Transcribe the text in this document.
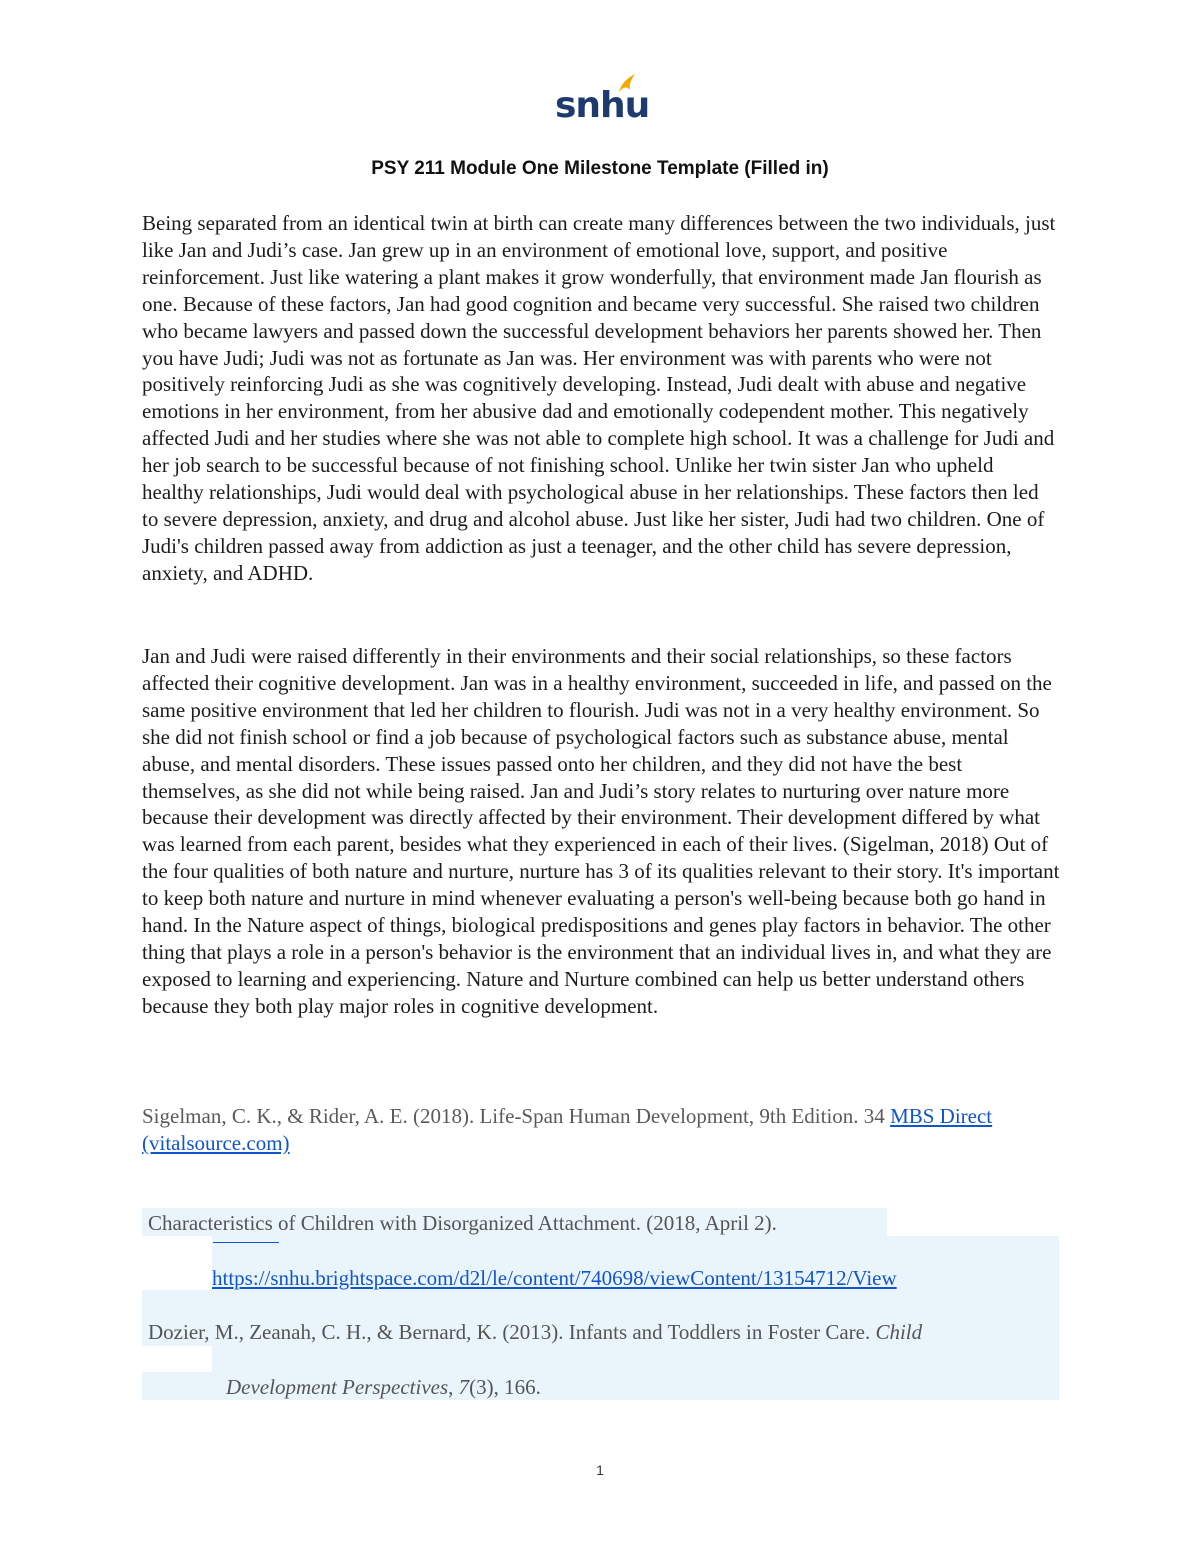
snhu
PSY 211 Module One Milestone Template (Filled in)

Being separated from an identical twin at birth can create many differences between the two individuals, just like Jan and Judi’s case. Jan grew up in an environment of emotional love, support, and positive reinforcement. Just like watering a plant makes it grow wonderfully, that environment made Jan flourish as one. Because of these factors, Jan had good cognition and became very successful. She raised two children who became lawyers and passed down the successful development behaviors her parents showed her. Then you have Judi; Judi was not as fortunate as Jan was. Her environment was with parents who were not positively reinforcing Judi as she was cognitively developing. Instead, Judi dealt with abuse and negative emotions in her environment, from her abusive dad and emotionally codependent mother. This negatively affected Judi and her studies where she was not able to complete high school. It was a challenge for Judi and her job search to be successful because of not finishing school. Unlike her twin sister Jan who upheld healthy relationships, Judi would deal with psychological abuse in her relationships. These factors then led to severe depression, anxiety, and drug and alcohol abuse. Just like her sister, Judi had two children. One of Judi's children passed away from addiction as just a teenager, and the other child has severe depression, anxiety, and ADHD.

Jan and Judi were raised differently in their environments and their social relationships, so these factors affected their cognitive development. Jan was in a healthy environment, succeeded in life, and passed on the same positive environment that led her children to flourish. Judi was not in a very healthy environment. So she did not finish school or find a job because of psychological factors such as substance abuse, mental abuse, and mental disorders. These issues passed onto her children, and they did not have the best themselves, as she did not while being raised. Jan and Judi’s story relates to nurturing over nature more because their development was directly affected by their environment. Their development differed by what was learned from each parent, besides what they experienced in each of their lives. (Sigelman, 2018) Out of the four qualities of both nature and nurture, nurture has 3 of its qualities relevant to their story. It's important to keep both nature and nurture in mind whenever evaluating a person's well-being because both go hand in hand. In the Nature aspect of things, biological predispositions and genes play factors in behavior. The other thing that plays a role in a person's behavior is the environment that an individual lives in, and what they are exposed to learning and experiencing. Nature and Nurture combined can help us better understand others because they both play major roles in cognitive development.

Sigelman, C. K., & Rider, A. E. (2018). Life-Span Human Development, 9th Edition. 34 MBS Direct (vitalsource.com)

Characteristics of Children with Disorganized Attachment. (2018, April 2).
https://snhu.brightspace.com/d2l/le/content/740698/viewContent/13154712/View
Dozier, M., Zeanah, C. H., & Bernard, K. (2013). Infants and Toddlers in Foster Care. Child
Development Perspectives, 7(3), 166.
1
